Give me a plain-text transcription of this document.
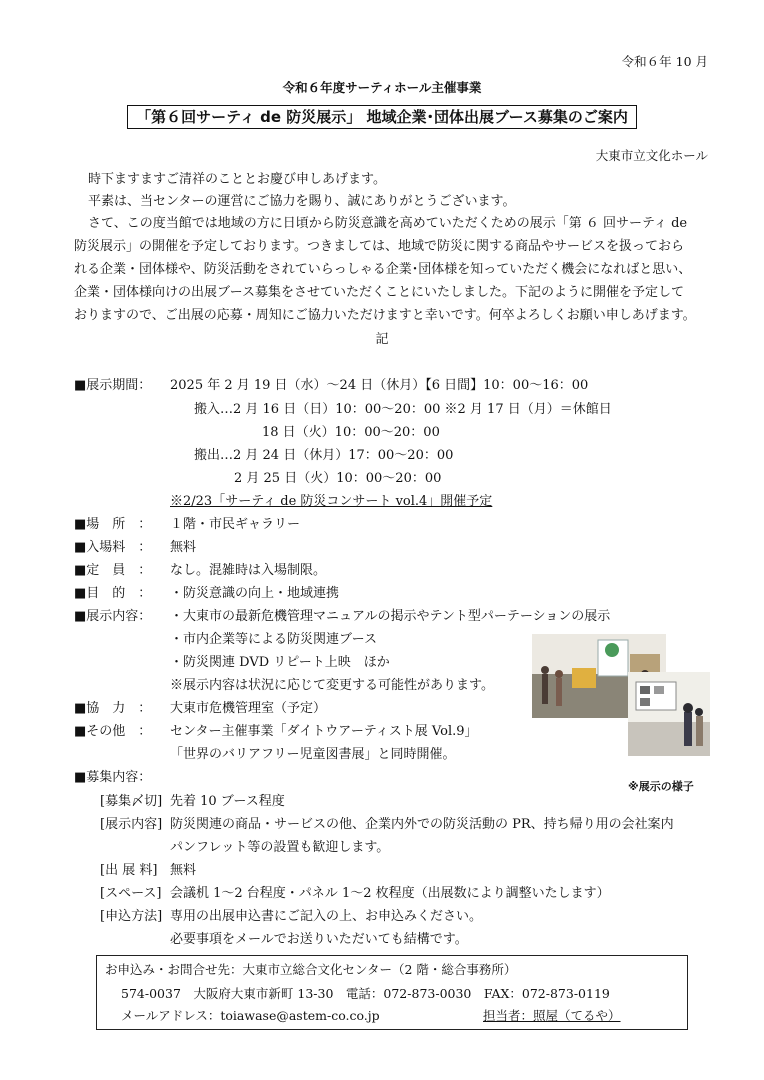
令和６年 10 月
令和６年度サーティホール主催事業
「第６回サーティ de 防災展示」 地域企業･団体出展ブース募集のご案内
大東市立文化ホール
時下ますますご清祥のこととお慶び申しあげます。
平素は、当センターの運営にご協力を賜り、誠にありがとうございます。
さて、この度当館では地域の方に日頃から防災意識を高めていただくための展示「第 ６ 回サーティ de
防災展示」の開催を予定しております。つきましては、地域で防災に関する商品やサービスを扱っておら
れる企業・団体様や、防災活動をされていらっしゃる企業･団体様を知っていただく機会になればと思い、
企業・団体様向けの出展ブース募集をさせていただくことにいたしました。下記のように開催を予定して
おりますので、ご出展の応募・周知にご協力いただけますと幸いです。何卒よろしくお願い申しあげます。
記
■展示期間： 2025 年 2 月 19 日（水）～24 日（休月）【6 日間】10：00～16：00
搬入…2 月 16 日（日）10：00～20：00 ※2 月 17 日（月）＝休館日
18 日（火）10：00～20：00
搬出…2 月 24 日（休月）17：00～20：00
2 月 25 日（火）10：00～20：00
※2/23「サーティ de 防災コンサート vol.4」開催予定
■場　所　： １階・市民ギャラリー
■入場料　： 無料
■定　員　： なし。混雑時は入場制限。
■目　的　： ・防災意識の向上・地域連携
■展示内容： ・大東市の最新危機管理マニュアルの掲示やテント型パーテーションの展示
・市内企業等による防災関連ブース
・防災関連 DVD リピート上映　ほか
※展示内容は状況に応じて変更する可能性があります。
■協　力　： 大東市危機管理室（予定）
■その他　： センター主催事業「ダイトウアーティスト展 Vol.9」
「世界のバリアフリー児童図書展」と同時開催。
※展示の様子
■募集内容：
[募集〆切] 先着 10 ブース程度
[展示内容] 防災関連の商品・サービスの他、企業内外での防災活動の PR、持ち帰り用の会社案内
パンフレット等の設置も歓迎します。
[出 展 料] 無料
[スペース] 会議机 1～2 台程度・パネル 1～2 枚程度（出展数により調整いたします）
[申込方法] 専用の出展申込書にご記入の上、お申込みください。
必要事項をメールでお送りいただいても結構です。
お申込み・お問合せ先：大東市立総合文化センター（2 階・総合事務所）
574-0037　大阪府大東市新町 13-30　電話：072-873-0030　FAX：072-873-0119
メールアドレス：toiawase@astem-co.co.jp	担当者：照屋（てるや）
